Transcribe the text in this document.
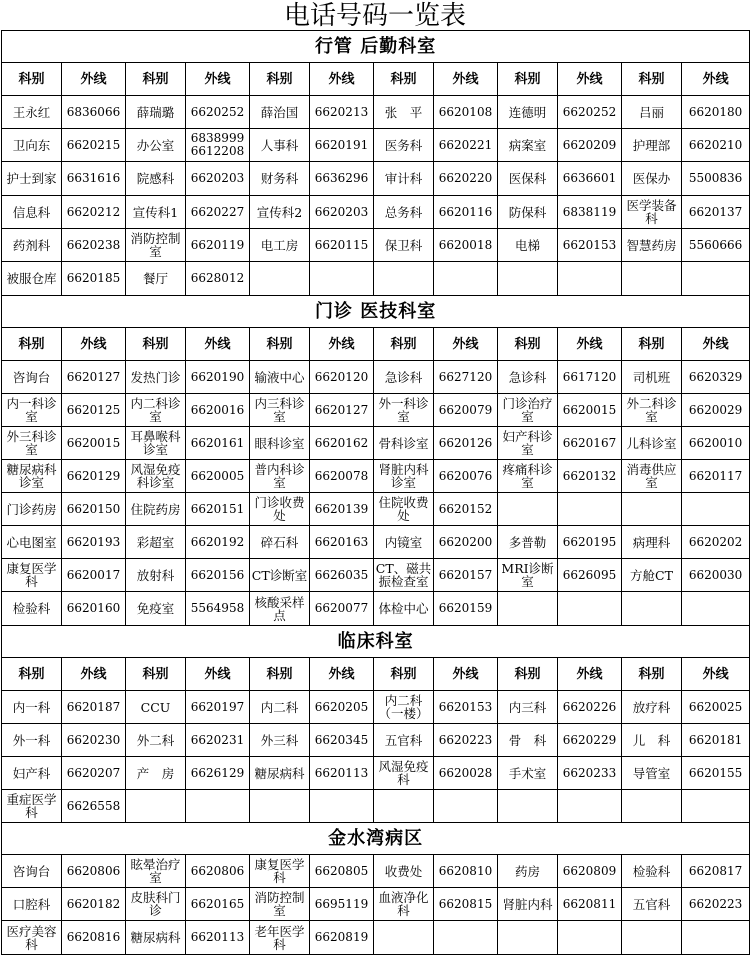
电话号码一览表
行管 后勤科室											
科别	外线	科别	外线	科别	外线	科别	外线	科别	外线	科别	外线
王永红	6836066	薛瑞璐	6620252	薛治国	6620213	张　平	6620108	连德明	6620252	吕丽	6620180
卫向东	6620215	办公室	6838999 6612208	人事科	6620191	医务科	6620221	病案室	6620209	护理部	6620210
护士到家	6631616	院感科	6620203	财务科	6636296	审计科	6620220	医保科	6636601	医保办	5500836
信息科	6620212	宣传科1	6620227	宣传科2	6620203	总务科	6620116	防保科	6838119	医学装备科	6620137
药剂科	6620238	消防控制室	6620119	电工房	6620115	保卫科	6620018	电梯	6620153	智慧药房	5560666
被服仓库	6620185	餐厅	6628012								
门诊 医技科室											
科别	外线	科别	外线	科别	外线	科别	外线	科别	外线	科别	外线
咨询台	6620127	发热门诊	6620190	输液中心	6620120	急诊科	6627120	急诊科	6617120	司机班	6620329
内一科诊室	6620125	内二科诊室	6620016	内三科诊室	6620127	外一科诊室	6620079	门诊治疗室	6620015	外二科诊室	6620029
外三科诊室	6620015	耳鼻喉科诊室	6620161	眼科诊室	6620162	骨科诊室	6620126	妇产科诊室	6620167	儿科诊室	6620010
糖尿病科诊室	6620129	风湿免疫科诊室	6620005	普内科诊室	6620078	肾脏内科诊室	6620076	疼痛科诊室	6620132	消毒供应室	6620117
门诊药房	6620150	住院药房	6620151	门诊收费处	6620139	住院收费处	6620152				
心电图室	6620193	彩超室	6620192	碎石科	6620163	内镜室	6620200	多普勒	6620195	病理科	6620202
康复医学科	6620017	放射科	6620156	CT诊断室	6626035	CT、磁共振检查室	6620157	MRI诊断室	6626095	方舱CT	6620030
检验科	6620160	免疫室	5564958	核酸采样点	6620077	体检中心	6620159				
临床科室											
科别	外线	科别	外线	科别	外线	科别	外线	科别	外线	科别	外线
内一科	6620187	CCU	6620197	内二科	6620205	内二科（一楼）	6620153	内三科	6620226	放疗科	6620025
外一科	6620230	外二科	6620231	外三科	6620345	五官科	6620223	骨　科	6620229	儿　科	6620181
妇产科	6620207	产　房	6626129	糖尿病科	6620113	风湿免疫科	6620028	手术室	6620233	导管室	6620155
重症医学科	6626558										
金水湾病区											
咨询台	6620806	眩晕治疗室	6620806	康复医学科	6620805	收费处	6620810	药房	6620809	检验科	6620817
口腔科	6620182	皮肤科门诊	6620165	消防控制室	6695119	血液净化科	6620815	肾脏内科	6620811	五官科	6620223
医疗美容科	6620816	糖尿病科	6620113	老年医学科	6620819						
